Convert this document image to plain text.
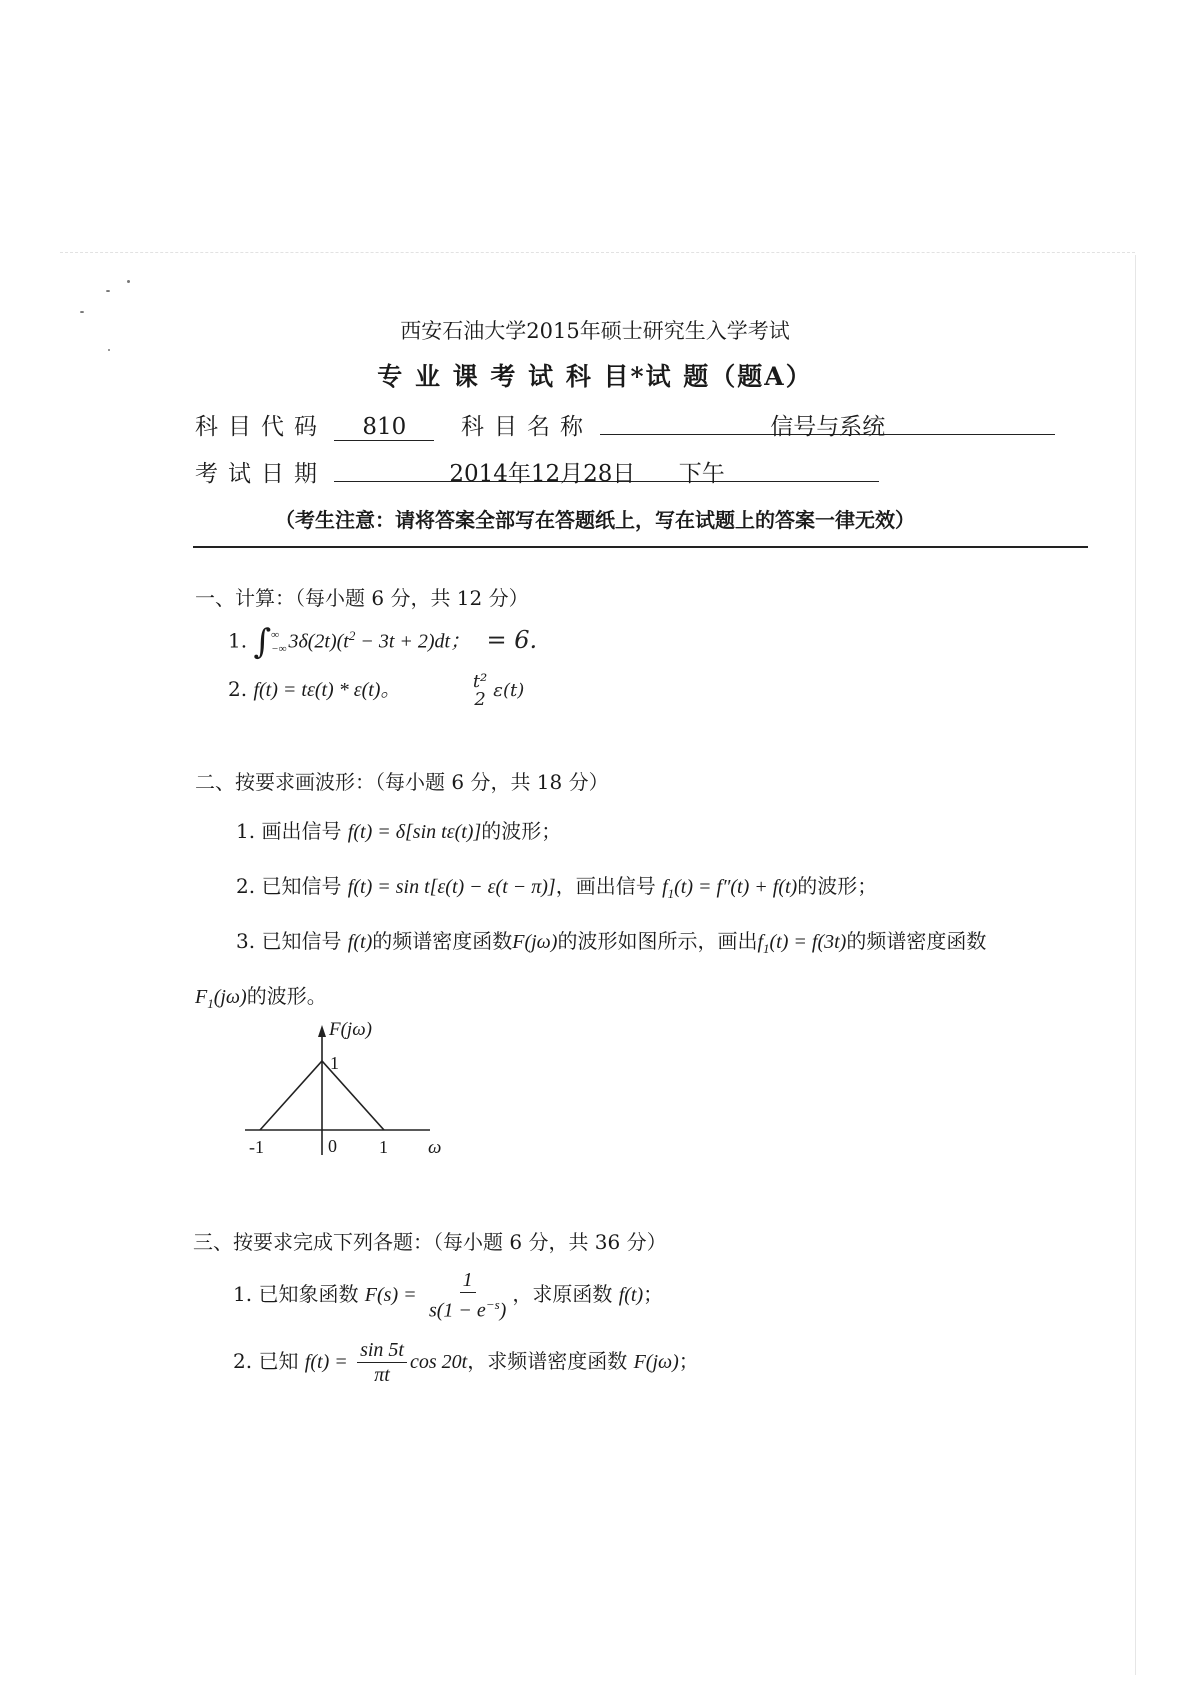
西安石油大学2015年硕士研究生入学考试
专 业 课 考 试 科 目*试 题（题A）
科目代码 810 科目名称	信号与系统
考试日期	2014年12月28日 下午
（考生注意：请将答案全部写在答题纸上，写在试题上的答案一律无效）
一、计算：（每小题 6 分，共 12 分）
1. ∫ ∞
−∞ $3\delta(2t)(t^2 - 3t + 2)dt$； = 6.
2. f(t) = tε(t) * ε(t)。	t²
2 ε(t)
二、按要求画波形：（每小题 6 分，共 18 分）
1. 画出信号 f(t) = δ[sin tε(t)]的波形；
2. 已知信号 f(t) = sin t[ε(t) − ε(t − π)]，画出信号 $f_1(t) = f''(t) + f(t)$的波形；
3. 已知信号 f(t)的频谱密度函数F(jω)的波形如图所示，画出$f_1(t) = f(3t)$的频谱密度函数
$F_1(j\omega)$的波形。
F(jω)
1
-1	0 1 ω
三、按要求完成下列各题：（每小题 6 分，共 36 分）
1. 已知象函数 $F(s) = \frac{1}{s(1 - e^{-s})}$ ，求原函数 f(t)；
2. 已知 $f(t) = \frac{\sin 5t}{\pi t}$ cos 20t，求频谱密度函数 F(jω)；
